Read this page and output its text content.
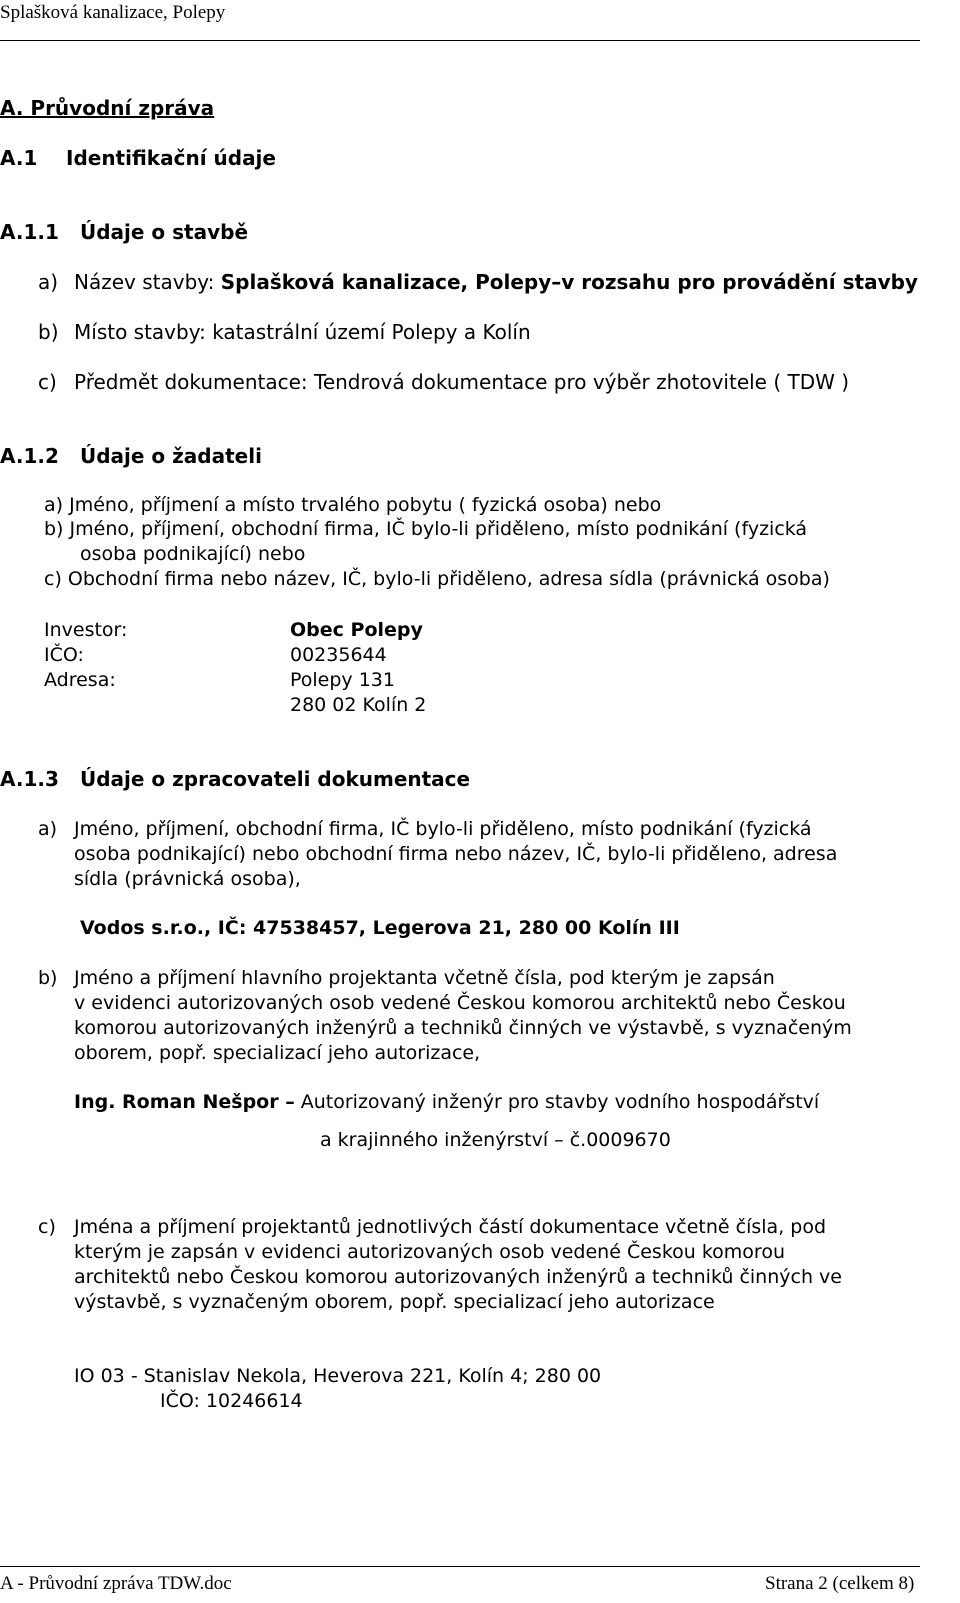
Splašková kanalizace, Polepy
A. Průvodní zpráva
A.1 Identifikační údaje
A.1.1 Údaje o stavbě
a) Název stavby: Splašková kanalizace, Polepy–v rozsahu pro provádění stavby
b) Místo stavby: katastrální území Polepy a Kolín
c) Předmět dokumentace: Tendrová dokumentace pro výběr zhotovitele ( TDW )
A.1.2 Údaje o žadateli
a) Jméno, příjmení a místo trvalého pobytu ( fyzická osoba) nebo
b) Jméno, příjmení, obchodní firma, IČ bylo-li přiděleno, místo podnikání (fyzická
osoba podnikající) nebo
c) Obchodní firma nebo název, IČ, bylo-li přiděleno, adresa sídla (právnická osoba)
Investor:	Obec Polepy
IČO:	00235644
Adresa:	Polepy 131
280 02 Kolín 2
A.1.3 Údaje o zpracovateli dokumentace
a) Jméno, příjmení, obchodní firma, IČ bylo-li přiděleno, místo podnikání (fyzická
osoba podnikající) nebo obchodní firma nebo název, IČ, bylo-li přiděleno, adresa
sídla (právnická osoba),
Vodos s.r.o., IČ: 47538457, Legerova 21, 280 00 Kolín III
b) Jméno a příjmení hlavního projektanta včetně čísla, pod kterým je zapsán
v evidenci autorizovaných osob vedené Českou komorou architektů nebo Českou
komorou autorizovaných inženýrů a techniků činných ve výstavbě, s vyznačeným
oborem, popř. specializací jeho autorizace,
Ing. Roman Nešpor – Autorizovaný inženýr pro stavby vodního hospodářství
a krajinného inženýrství – č.0009670
c) Jména a příjmení projektantů jednotlivých částí dokumentace včetně čísla, pod
kterým je zapsán v evidenci autorizovaných osob vedené Českou komorou
architektů nebo Českou komorou autorizovaných inženýrů a techniků činných ve
výstavbě, s vyznačeným oborem, popř. specializací jeho autorizace
IO 03 - Stanislav Nekola, Heverova 221, Kolín 4; 280 00
IČO: 10246614
A - Průvodní zpráva TDW.doc	Strana 2 (celkem 8)
